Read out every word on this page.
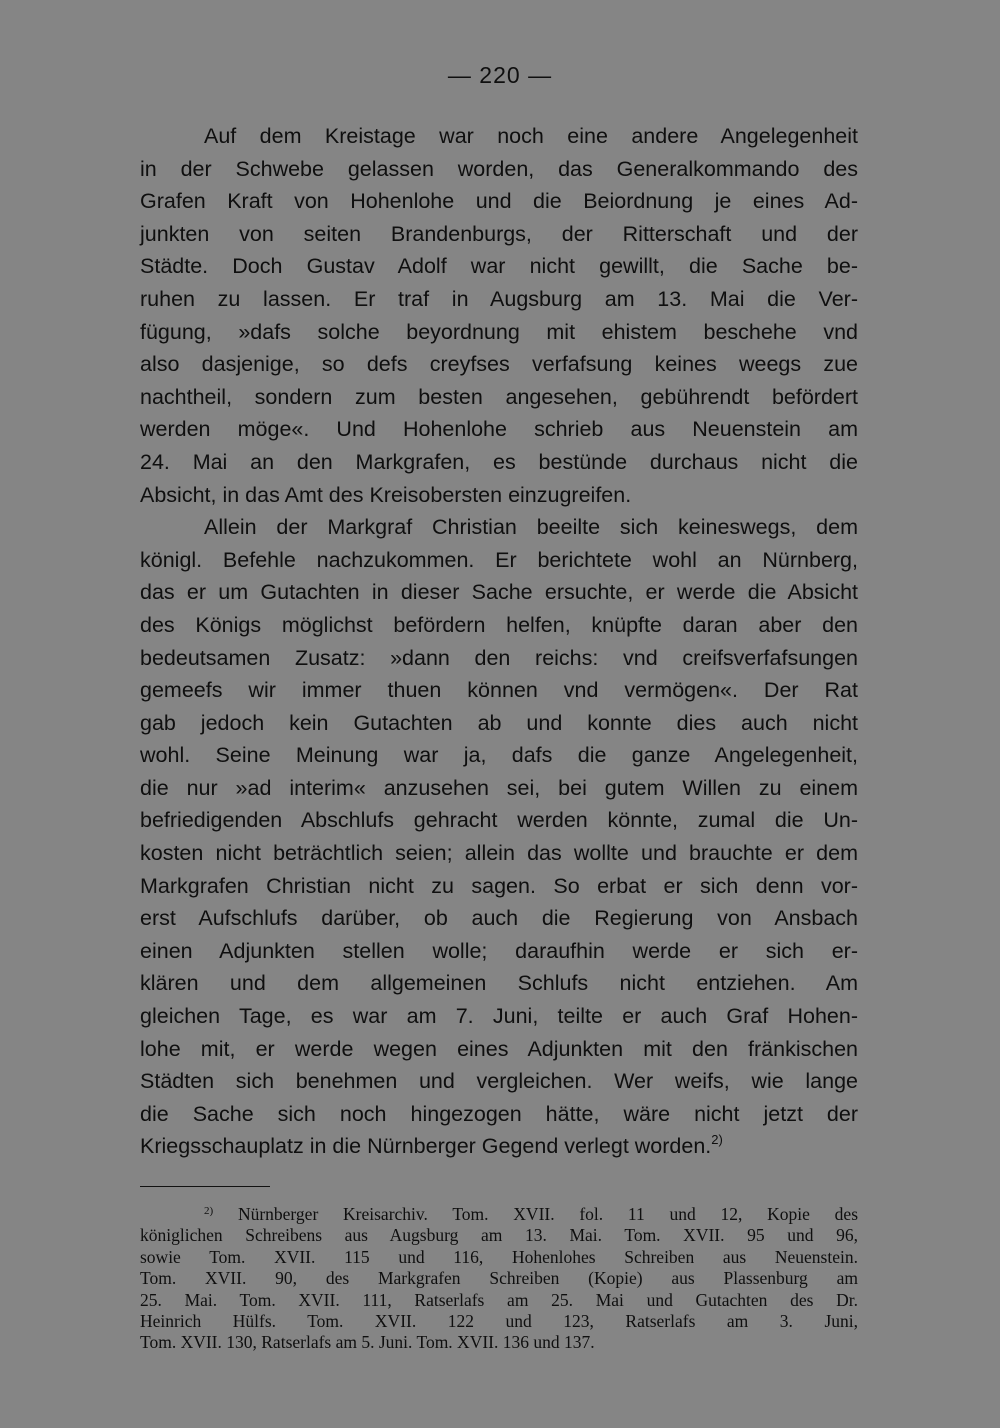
— 220 —
Auf dem Kreistage war noch eine andere Angelegenheit
in der Schwebe gelassen worden, das Generalkommando des
Grafen Kraft von Hohenlohe und die Beiordnung je eines Ad-
junkten von seiten Brandenburgs, der Ritterschaft und der
Städte. Doch Gustav Adolf war nicht gewillt, die Sache be-
ruhen zu lassen. Er traf in Augsburg am 13. Mai die Ver-
fügung, »dafs solche beyordnung mit ehistem beschehe vnd
also dasjenige, so defs creyfses verfafsung keines weegs zue
nachtheil, sondern zum besten angesehen, gebührendt befördert
werden möge«. Und Hohenlohe schrieb aus Neuenstein am
24. Mai an den Markgrafen, es bestünde durchaus nicht die
Absicht, in das Amt des Kreisobersten einzugreifen.
Allein der Markgraf Christian beeilte sich keineswegs, dem
königl. Befehle nachzukommen. Er berichtete wohl an Nürnberg,
das er um Gutachten in dieser Sache ersuchte, er werde die Absicht
des Königs möglichst befördern helfen, knüpfte daran aber den
bedeutsamen Zusatz: »dann den reichs: vnd creifsverfafsungen
gemeefs wir immer thuen können vnd vermögen«. Der Rat
gab jedoch kein Gutachten ab und konnte dies auch nicht
wohl. Seine Meinung war ja, dafs die ganze Angelegenheit,
die nur »ad interim« anzusehen sei, bei gutem Willen zu einem
befriedigenden Abschlufs gehracht werden könnte, zumal die Un-
kosten nicht beträchtlich seien; allein das wollte und brauchte er dem
Markgrafen Christian nicht zu sagen. So erbat er sich denn vor-
erst Aufschlufs darüber, ob auch die Regierung von Ansbach
einen Adjunkten stellen wolle; daraufhin werde er sich er-
klären und dem allgemeinen Schlufs nicht entziehen. Am
gleichen Tage, es war am 7. Juni, teilte er auch Graf Hohen-
lohe mit, er werde wegen eines Adjunkten mit den fränkischen
Städten sich benehmen und vergleichen. Wer weifs, wie lange
die Sache sich noch hingezogen hätte, wäre nicht jetzt der
Kriegsschauplatz in die Nürnberger Gegend verlegt worden.$^{2)}$
$^{2)}$ Nürnberger Kreisarchiv. Tom. XVII. fol. 11 und 12, Kopie des
königlichen Schreibens aus Augsburg am 13. Mai. Tom. XVII. 95 und 96,
sowie Tom. XVII. 115 und 116, Hohenlohes Schreiben aus Neuenstein.
Tom. XVII. 90, des Markgrafen Schreiben (Kopie) aus Plassenburg am
25. Mai. Tom. XVII. 111, Ratserlafs am 25. Mai und Gutachten des Dr.
Heinrich Hülfs. Tom. XVII. 122 und 123, Ratserlafs am 3. Juni,
Tom. XVII. 130, Ratserlafs am 5. Juni. Tom. XVII. 136 und 137.
